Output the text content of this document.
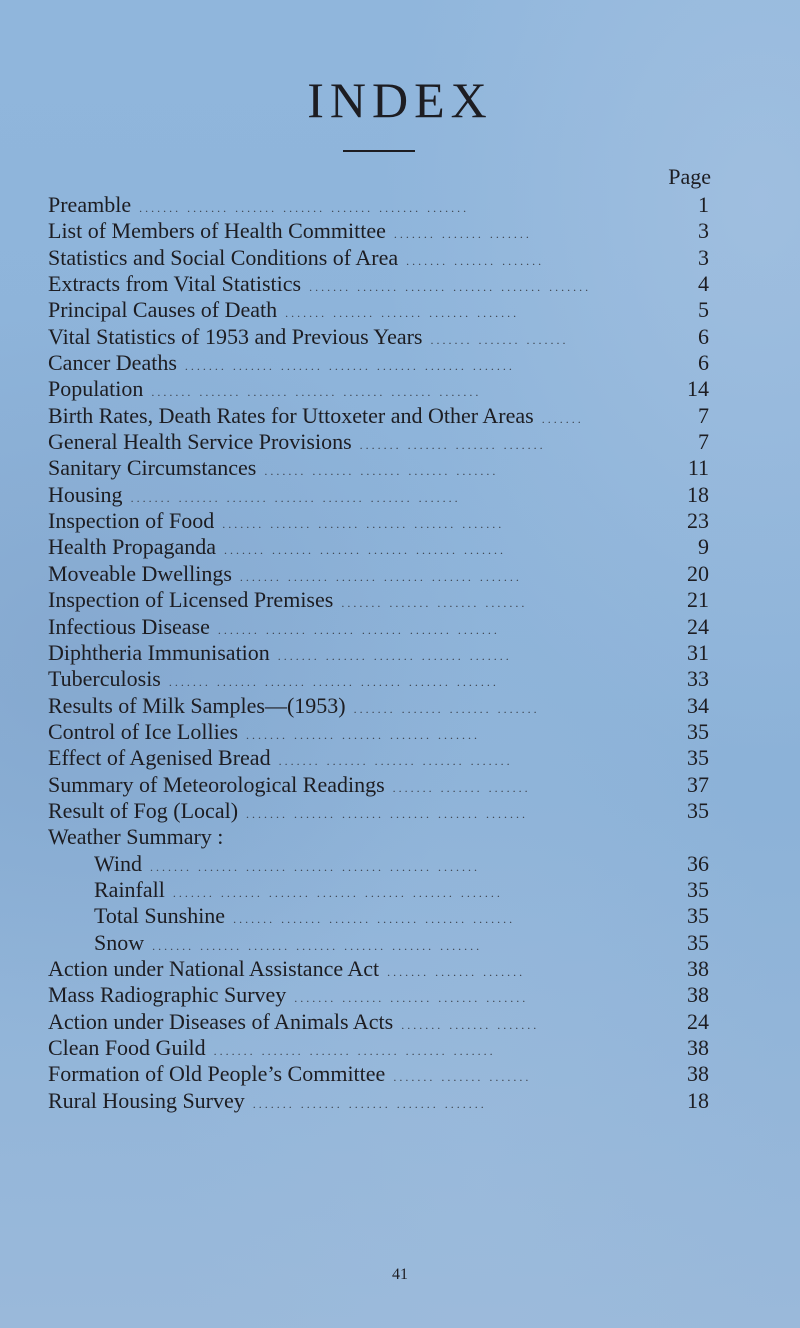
INDEX
Page
Preamble ....... ....... ....... ....... ....... ....... .......	1
List of Members of Health Committee ....... ....... .......	3
Statistics and Social Conditions of Area ....... ....... .......	3
Extracts from Vital Statistics ....... ....... ....... ....... ....... .......	4
Principal Causes of Death ....... ....... ....... ....... .......	5
Vital Statistics of 1953 and Previous Years ....... ....... .......	6
Cancer Deaths ....... ....... ....... ....... ....... ....... .......	6
Population ....... ....... ....... ....... ....... ....... .......	14
Birth Rates, Death Rates for Uttoxeter and Other Areas .......	7
General Health Service Provisions ....... ....... ....... .......	7
Sanitary Circumstances ....... ....... ....... ....... .......	11
Housing ....... ....... ....... ....... ....... ....... .......	18
Inspection of Food ....... ....... ....... ....... ....... .......	23
Health Propaganda ....... ....... ....... ....... ....... .......	9
Moveable Dwellings ....... ....... ....... ....... ....... .......	20
Inspection of Licensed Premises ....... ....... ....... .......	21
Infectious Disease ....... ....... ....... ....... ....... .......	24
Diphtheria Immunisation ....... ....... ....... ....... .......	31
Tuberculosis ....... ....... ....... ....... ....... ....... .......	33
Results of Milk Samples—(1953) ....... ....... ....... .......	34
Control of Ice Lollies ....... ....... ....... ....... .......	35
Effect of Agenised Bread ....... ....... ....... ....... .......	35
Summary of Meteorological Readings ....... ....... .......	37
Result of Fog (Local) ....... ....... ....... ....... ....... .......	35
Weather Summary :
Wind ....... ....... ....... ....... ....... ....... .......	36
Rainfall ....... ....... ....... ....... ....... ....... .......	35
Total Sunshine ....... ....... ....... ....... ....... .......	35
Snow ....... ....... ....... ....... ....... ....... .......	35
Action under National Assistance Act ....... ....... .......	38
Mass Radiographic Survey ....... ....... ....... ....... .......	38
Action under Diseases of Animals Acts ....... ....... .......	24
Clean Food Guild ....... ....... ....... ....... ....... .......	38
Formation of Old People’s Committee ....... ....... .......	38
Rural Housing Survey ....... ....... ....... ....... .......	18
41
